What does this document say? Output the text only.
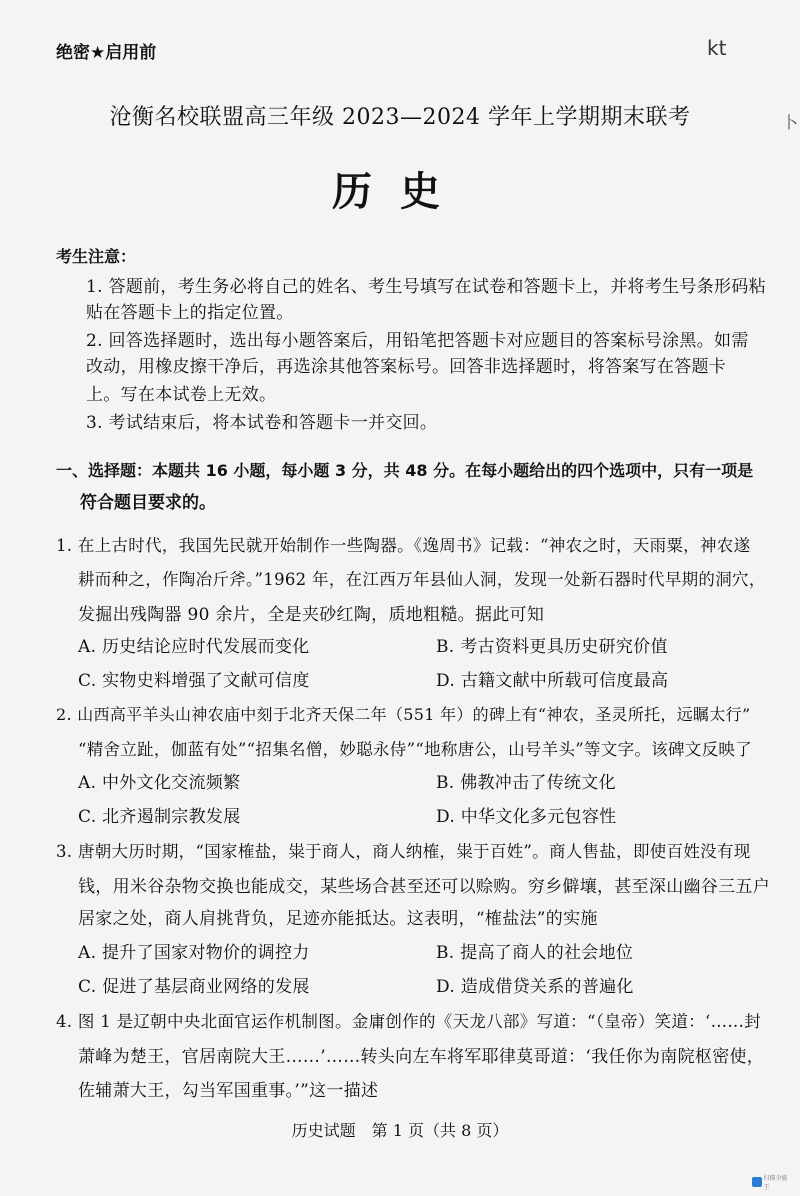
绝密★启用前	kt
卜
沧衡名校联盟高三年级 2023—2024 学年上学期期末联考
历史
考生注意：
1. 答题前，考生务必将自己的姓名、考生号填写在试卷和答题卡上，并将考生号条形码粘
贴在答题卡上的指定位置。
2. 回答选择题时，选出每小题答案后，用铅笔把答题卡对应题目的答案标号涂黑。如需
改动，用橡皮擦干净后，再选涂其他答案标号。回答非选择题时，将答案写在答题卡
上。写在本试卷上无效。
3. 考试结束后，将本试卷和答题卡一并交回。
一、选择题：本题共 16 小题，每小题 3 分，共 48 分。在每小题给出的四个选项中，只有一项是
符合题目要求的。
1. 在上古时代，我国先民就开始制作一些陶器。《逸周书》记载：“神农之时，天雨粟，神农遂
耕而种之，作陶冶斤斧。”1962 年，在江西万年县仙人洞，发现一处新石器时代早期的洞穴，
发掘出残陶器 90 余片，全是夹砂红陶，质地粗糙。据此可知
A. 历史结论应时代发展而变化	B. 考古资料更具历史研究价值
C. 实物史料增强了文献可信度	D. 古籍文献中所载可信度最高
2. 山西高平羊头山神农庙中刻于北齐天保二年（551 年）的碑上有“神农，圣灵所托，远瞩太行”
“精舍立趾，伽蓝有处”“招集名僧，妙聪永侍”“地称唐公，山号羊头”等文字。该碑文反映了
A. 中外文化交流频繁	B. 佛教冲击了传统文化
C. 北齐遏制宗教发展	D. 中华文化多元包容性
3. 唐朝大历时期，“国家榷盐，粜于商人，商人纳榷，粜于百姓”。商人售盐，即使百姓没有现
钱，用米谷杂物交换也能成交，某些场合甚至还可以赊购。穷乡僻壤，甚至深山幽谷三五户
居家之处，商人肩挑背负，足迹亦能抵达。这表明，“榷盐法”的实施
A. 提升了国家对物价的调控力	B. 提高了商人的社会地位
C. 促进了基层商业网络的发展	D. 造成借贷关系的普遍化
4. 图 1 是辽朝中央北面官运作机制图。金庸创作的《天龙八部》写道：“（皇帝）笑道：‘……封
萧峰为楚王，官居南院大王……’……转头向左车将军耶律莫哥道：‘我任你为南院枢密使，
佐辅萧大王，勾当军国重事。’”这一描述
历史试题　第 1 页（共 8 页）
扫描全能王
